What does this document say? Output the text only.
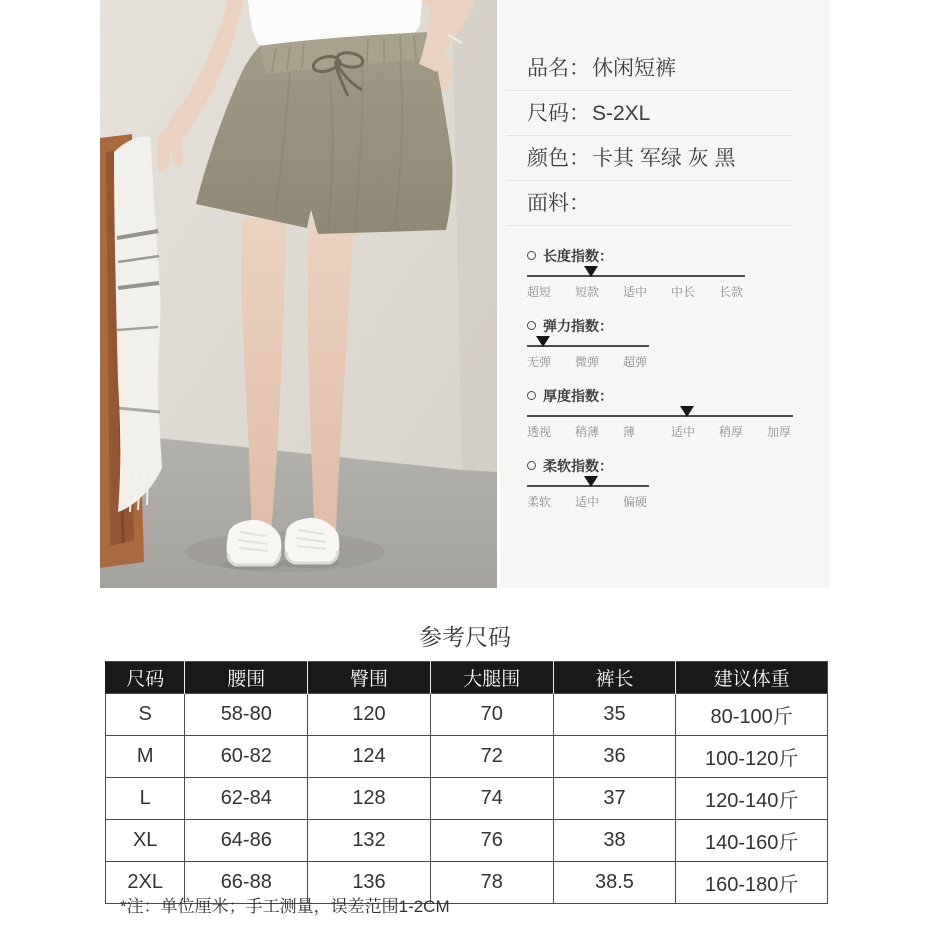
品名：休闲短裤
尺码：S-2XL
颜色：卡其 军绿 灰 黑
面料：
长度指数：
超短 短款 适中 中长 长款
弹力指数：
无弹 微弹 超弹
厚度指数：
透视 稍薄 薄	适中 稍厚 加厚
柔软指数：
柔软 适中 偏硬
参考尺码
尺码	腰围	臀围	大腿围	裤长	建议体重
S	58-80	120	70	35	80-100斤
M	60-82	124	72	36	100-120斤
L	62-84	128	74	37	120-140斤
XL	64-86	132	76	38	140-160斤
2XL	66-88	136	78	38.5	160-180斤
*注：单位厘米；手工测量，误差范围1-2CM
